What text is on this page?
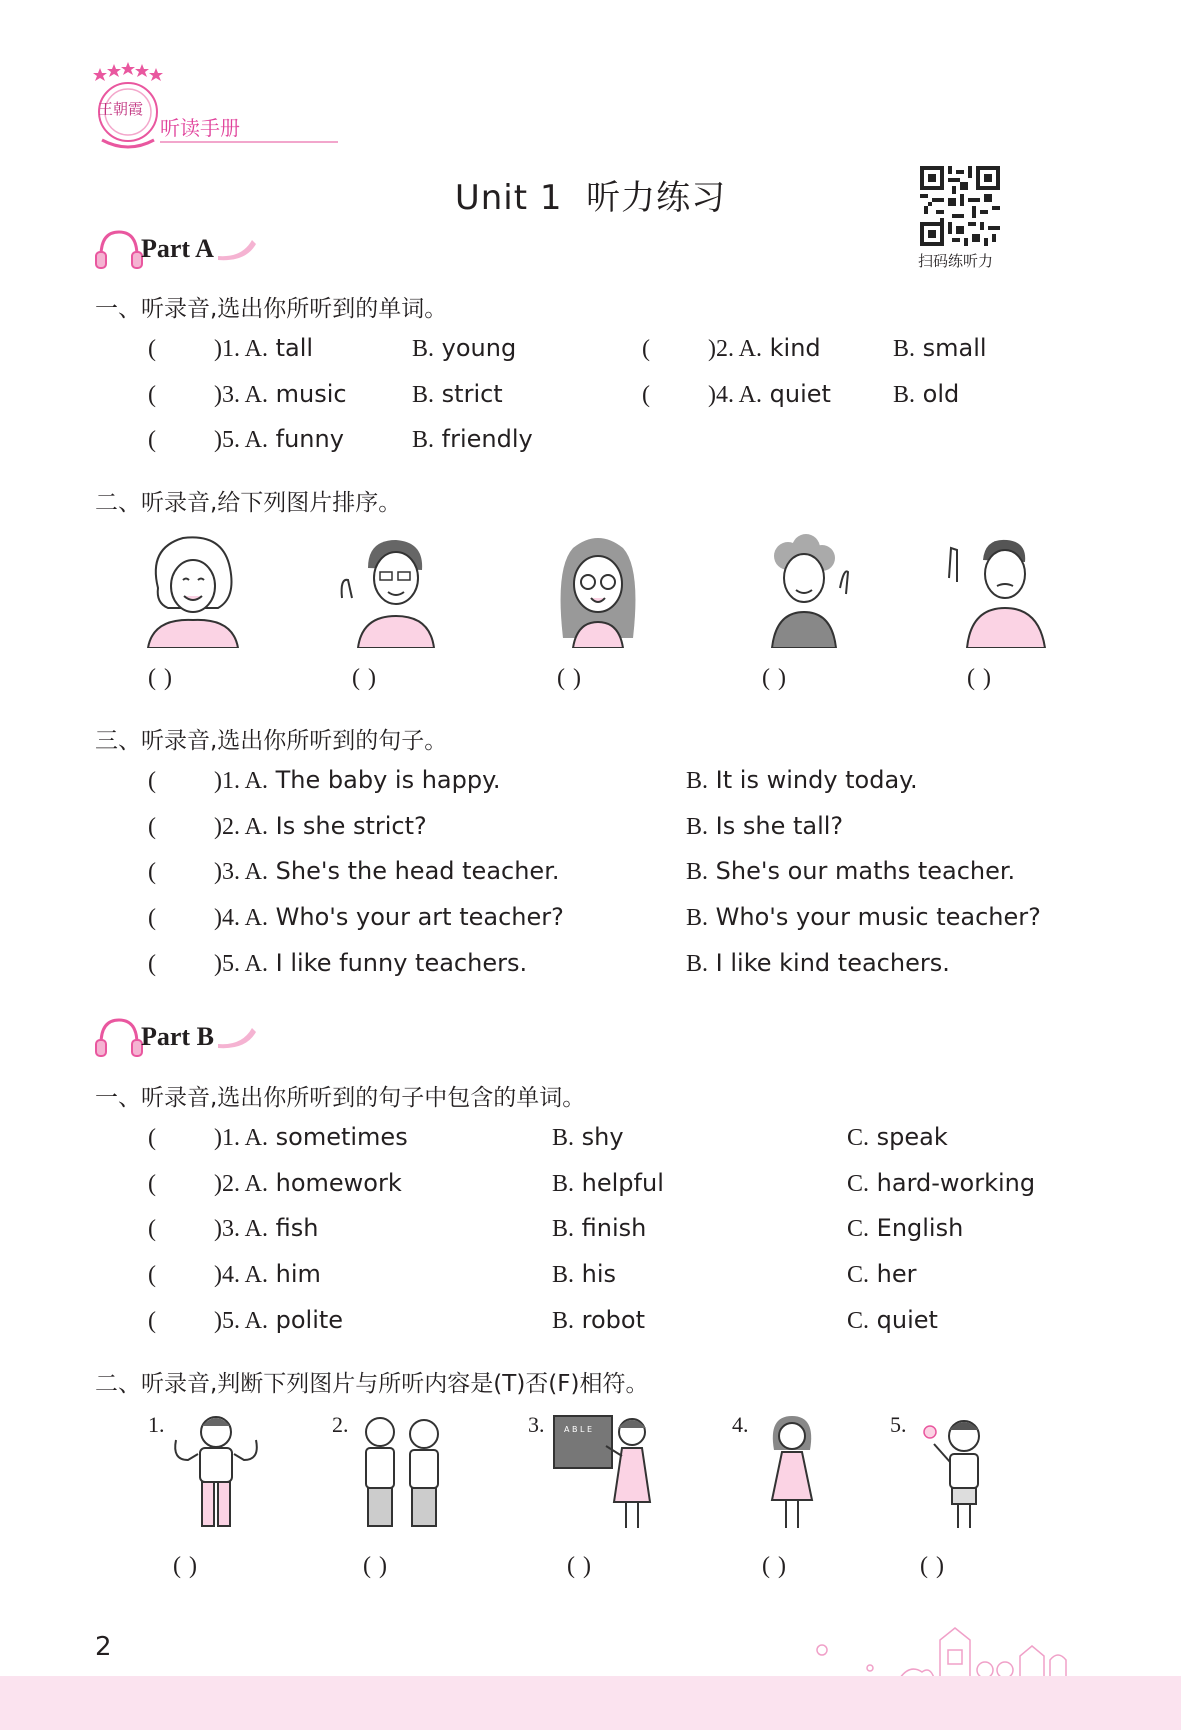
王朝霞
听读手册
Unit 1 听力练习
扫码练听力
Part A
一、听录音,选出你所听到的单词。
( )1. A. tall	B. young	( )2. A. kind	B. small
( )3. A. music	B. strict	( )4. A. quiet	B. old
( )5. A. funny	B. friendly
二、听录音,给下列图片排序。
( )	( )	( )	( )	( )
三、听录音,选出你所听到的句子。
( )1. A. The baby is happy.	B. It is windy today.
( )2. A. Is she strict?	B. Is she tall?
( )3. A. She's the head teacher.	B. She's our maths teacher.
( )4. A. Who's your art teacher?	B. Who's your music teacher?
( )5. A. I like funny teachers.	B. I like kind teachers.
Part B
一、听录音,选出你所听到的句子中包含的单词。
( )1. A. sometimes	B. shy	C. speak
( )2. A. homework	B. helpful	C. hard-working
( )3. A. fish	B. finish	C. English
( )4. A. him	B. his	C. her
( )5. A. polite	B. robot	C. quiet
二、听录音,判断下列图片与所听内容是(T)否(F)相符。
1.	2.	3.	4.	5.
A B L E
( )	( )	( )	( )	( )
2
